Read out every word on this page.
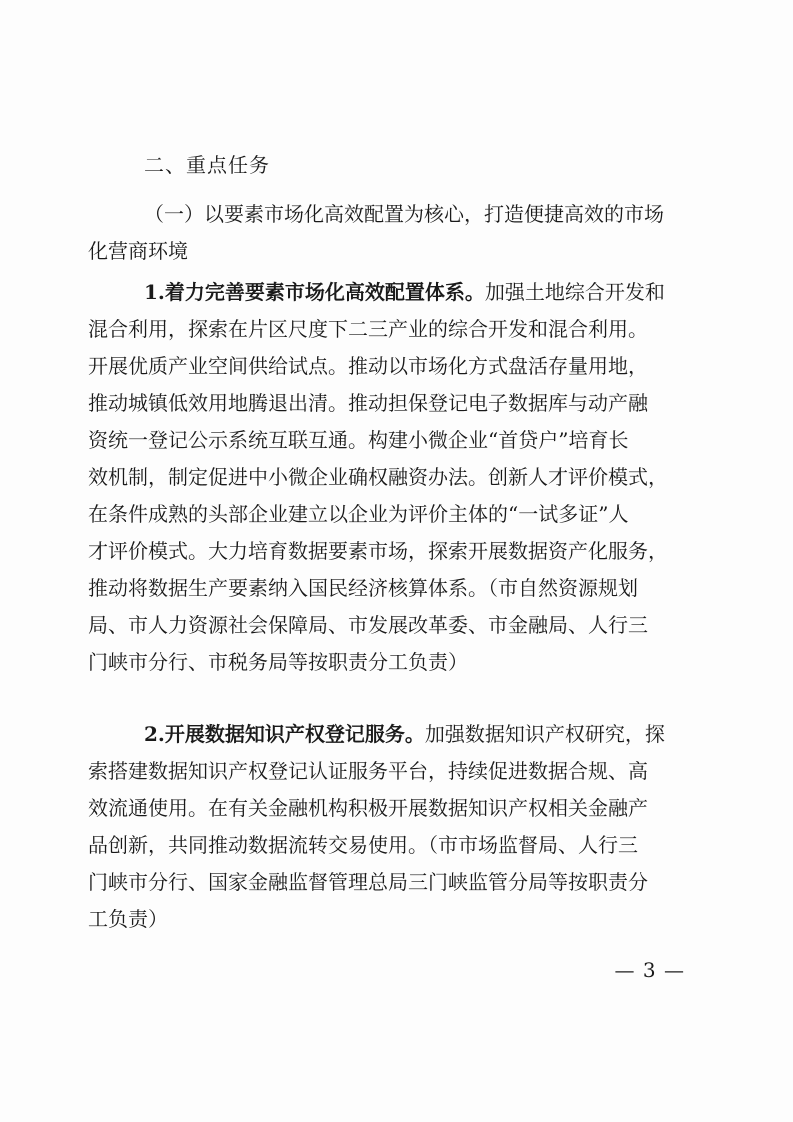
二、重点任务
（一）以要素市场化高效配置为核心，打造便捷高效的市场
化营商环境
1.着力完善要素市场化高效配置体系。加强土地综合开发和
混合利用，探索在片区尺度下二三产业的综合开发和混合利用。
开展优质产业空间供给试点。推动以市场化方式盘活存量用地，
推动城镇低效用地腾退出清。推动担保登记电子数据库与动产融
资统一登记公示系统互联互通。构建小微企业“首贷户”培育长
效机制，制定促进中小微企业确权融资办法。创新人才评价模式，
在条件成熟的头部企业建立以企业为评价主体的“一试多证”人
才评价模式。大力培育数据要素市场，探索开展数据资产化服务，
推动将数据生产要素纳入国民经济核算体系。（市自然资源规划
局、市人力资源社会保障局、市发展改革委、市金融局、人行三
门峡市分行、市税务局等按职责分工负责）
2.开展数据知识产权登记服务。加强数据知识产权研究，探
索搭建数据知识产权登记认证服务平台，持续促进数据合规、高
效流通使用。在有关金融机构积极开展数据知识产权相关金融产
品创新，共同推动数据流转交易使用。（市市场监督局、人行三
门峡市分行、国家金融监督管理总局三门峡监管分局等按职责分
工负责）
— 3 —
